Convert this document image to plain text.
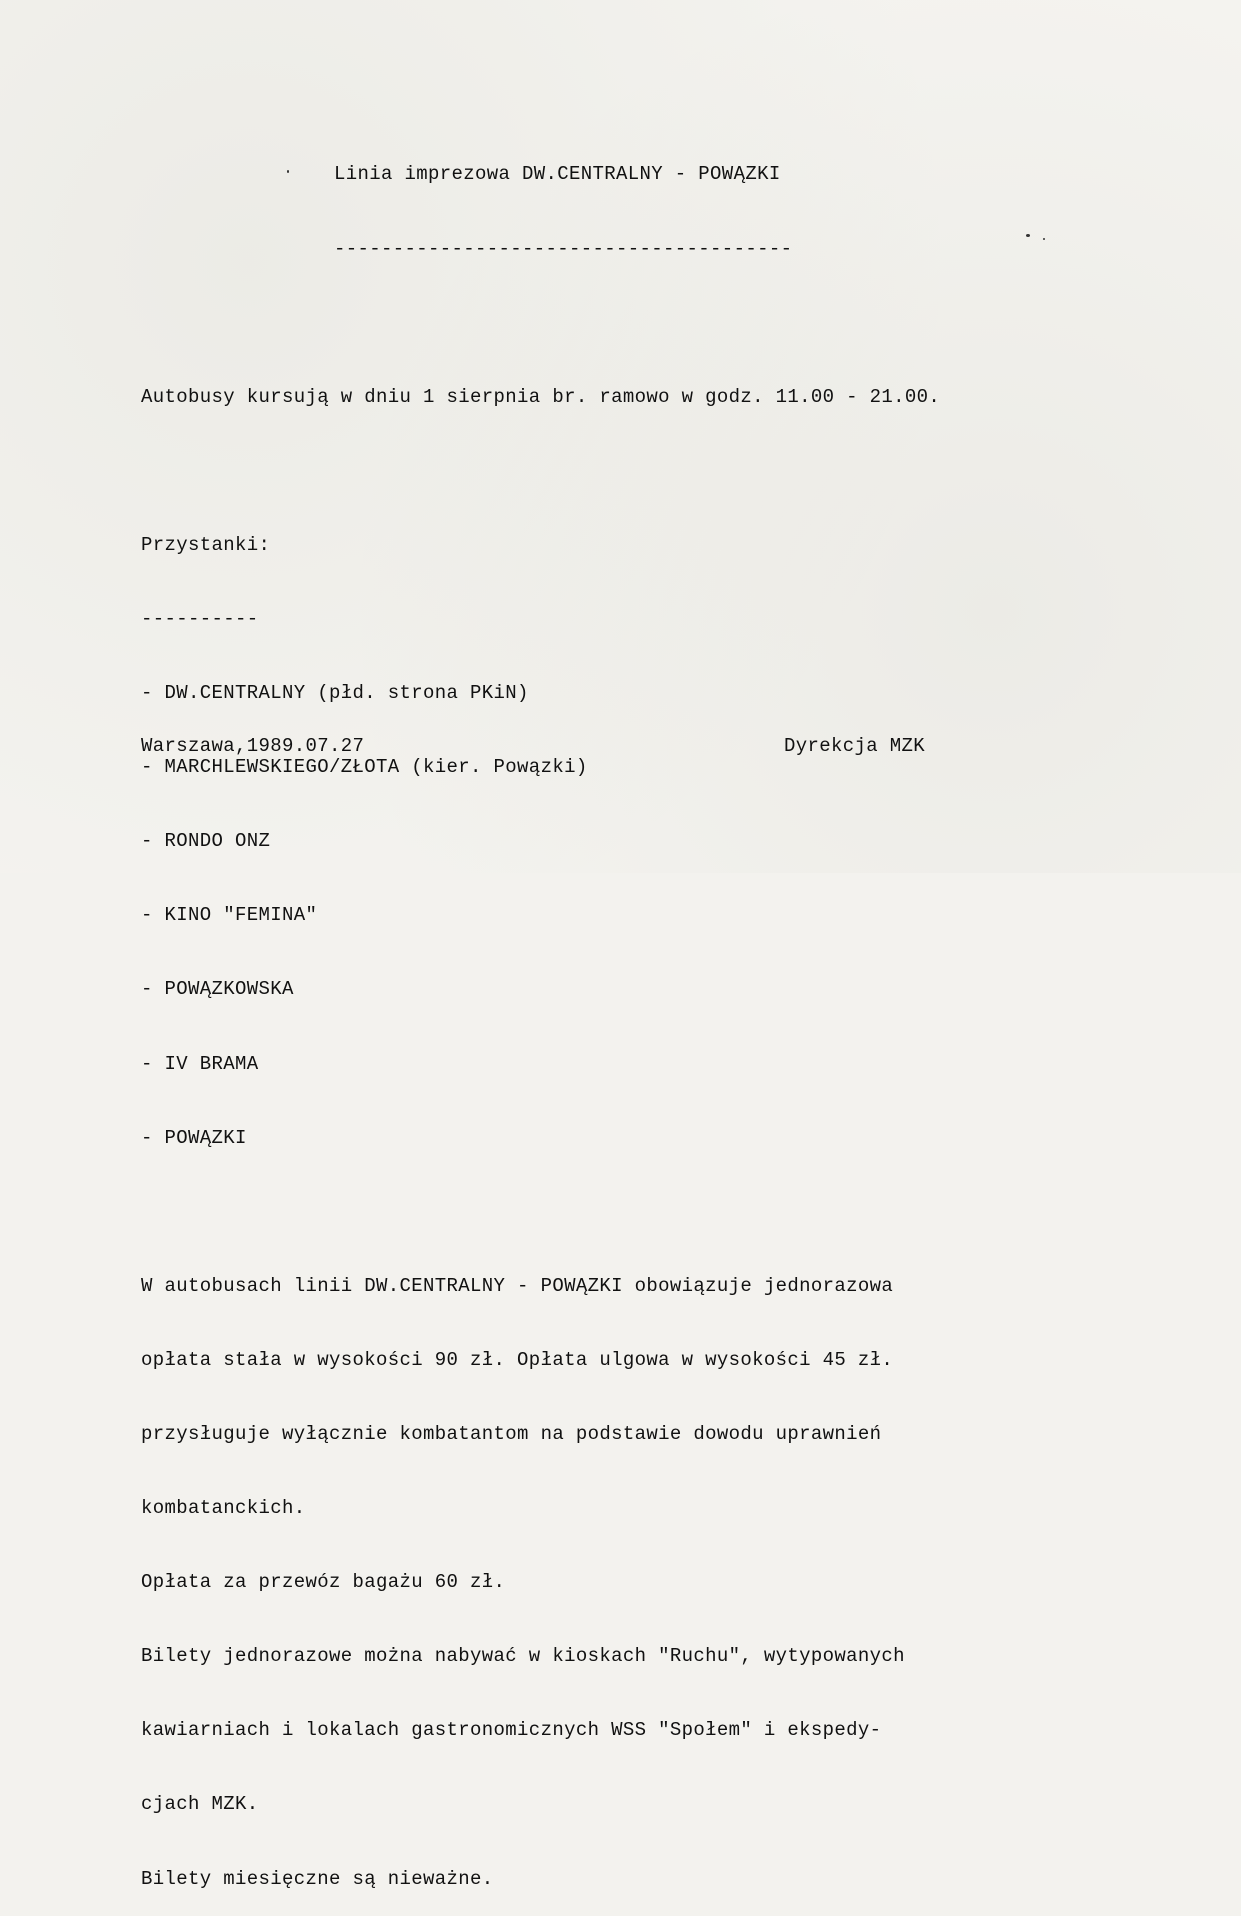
Linia imprezowa DW.CENTRALNY - POWĄZKI

---------------------------------------

Autobusy kursują w dniu 1 sierpnia br. ramowo w godz. 11.00 - 21.00.

Przystanki:

----------

- DW.CENTRALNY (płd. strona PKiN)

- MARCHLEWSKIEGO/ZŁOTA (kier. Powązki)

- RONDO ONZ

- KINO "FEMINA"

- POWĄZKOWSKA

- IV BRAMA

- POWĄZKI

W autobusach linii DW.CENTRALNY - POWĄZKI obowiązuje jednorazowa

opłata stała w wysokości 90 zł. Opłata ulgowa w wysokości 45 zł.

przysługuje wyłącznie kombatantom na podstawie dowodu uprawnień

kombatanckich.

Opłata za przewóz bagażu 60 zł.

Bilety jednorazowe można nabywać w kioskach "Ruchu", wytypowanych

kawiarniach i lokalach gastronomicznych WSS "Społem" i ekspedy-

cjach MZK.

Bilety miesięczne są nieważne.

Warszawa,1989.07.27

	Dyrekcja MZK
